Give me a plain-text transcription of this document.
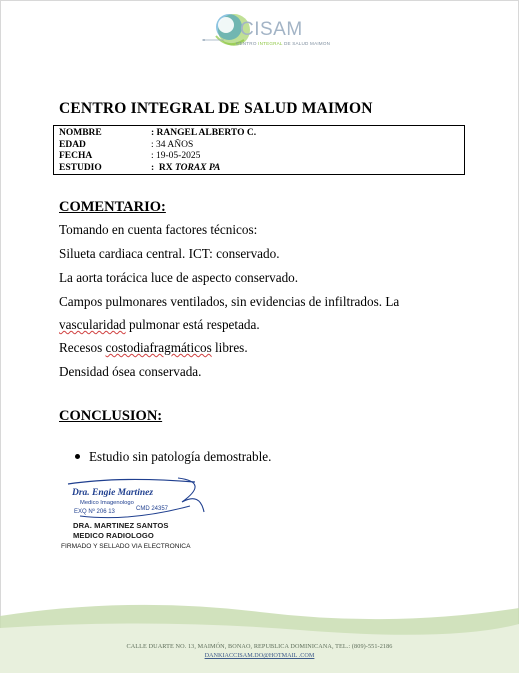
CISAM
CENTRO INTEGRAL DE SALUD MAIMON
CENTRO INTEGRAL DE SALUD MAIMON
NOMBRE	: RANGEL ALBERTO C.
EDAD	: 34 AÑOS
FECHA	: 19-05-2025
ESTUDIO	:  RX TORAX PA
COMENTARIO:
Tomando en cuenta factores técnicos:
Silueta cardiaca central. ICT: conservado.
La aorta torácica luce de aspecto conservado.
Campos pulmonares ventilados, sin evidencias de infiltrados. La
vascularidad pulmonar está respetada.
Recesos costodiafragmáticos libres.
Densidad ósea conservada.
CONCLUSION:
Estudio sin patología demostrable.
Dra. Engie Martinez
Medico Imagenologo
EXQ Nº 206 13	CMD 24357
DRA. MARTINEZ SANTOS
MEDICO RADIOLOGO
FIRMADO Y SELLADO VIA ELECTRONICA
CALLE DUARTE NO. 13, MAIMÓN, BONAO, REPUBLICA DOMINICANA, TEL.: (809)-551-2186
DANKIACCISAM.DO@HOTMAIL .COM
